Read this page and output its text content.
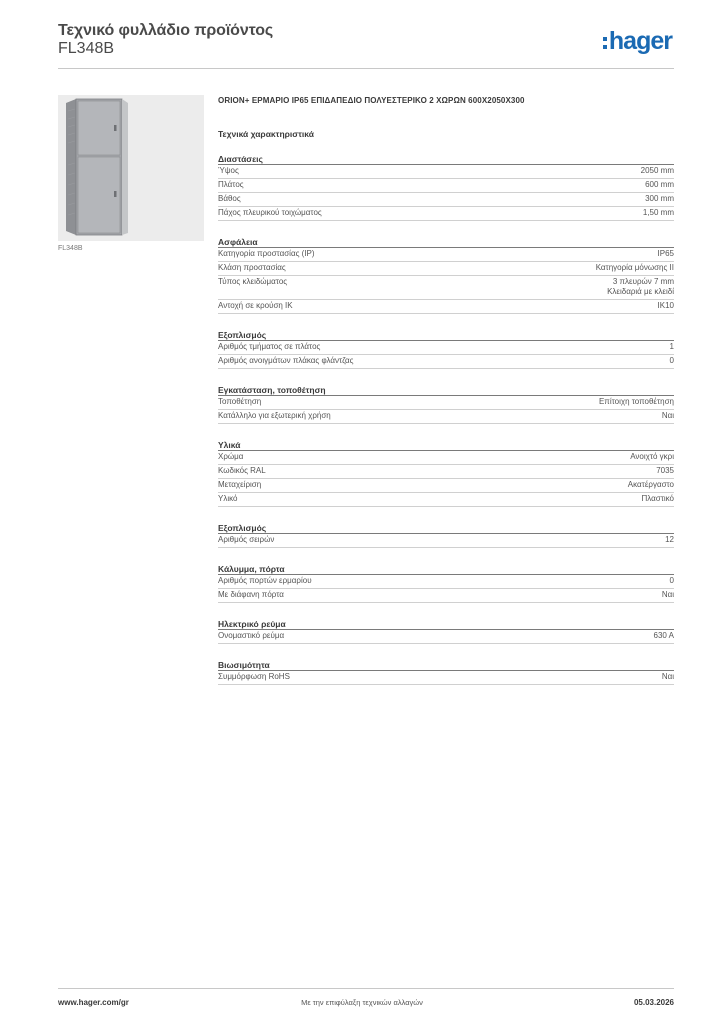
Τεχνικό φυλλάδιο προϊόντος
FL348B	hager
FL348B
ORION+ ΕΡΜΑΡΙΟ IP65 ΕΠΙΔΑΠΕΔΙΟ ΠΟΛΥΕΣΤΕΡΙΚΟ 2 ΧΩΡΩΝ 600Χ2050Χ300
Τεχνικά χαρακτηριστικά
Διαστάσεις
Ύψος	2050 mm
Πλάτος	600 mm
Βάθος	300 mm
Πάχος πλευρικού τοιχώματος	1,50 mm
Ασφάλεια
Κατηγορία προστασίας (IP)	IP65
Κλάση προστασίας	Κατηγορία μόνωσης II
Τύπος κλειδώματος	3 πλευρών 7 mm
Κλειδαριά με κλειδί
Αντοχή σε κρούση IK	IK10
Εξοπλισμός
Αριθμός τμήματος σε πλάτος	1
Αριθμός ανοιγμάτων πλάκας φλάντζας	0
Εγκατάσταση, τοποθέτηση
Τοποθέτηση	Επίτοιχη τοποθέτηση
Κατάλληλο για εξωτερική χρήση	Ναι
Υλικά
Χρώμα	Ανοιχτό γκρι
Κωδικός RAL	7035
Μεταχείριση	Ακατέργαστο
Υλικό	Πλαστικό
Εξοπλισμός
Αριθμός σειρών	12
Κάλυμμα, πόρτα
Αριθμός πορτών ερμαρίου	0
Με διάφανη πόρτα	Ναι
Ηλεκτρικό ρεύμα
Ονομαστικό ρεύμα	630 A
Βιωσιμότητα
Συμμόρφωση RoHS	Ναι
www.hager.com/gr	Με την επιφύλαξη τεχνικών αλλαγών	05.03.2026
